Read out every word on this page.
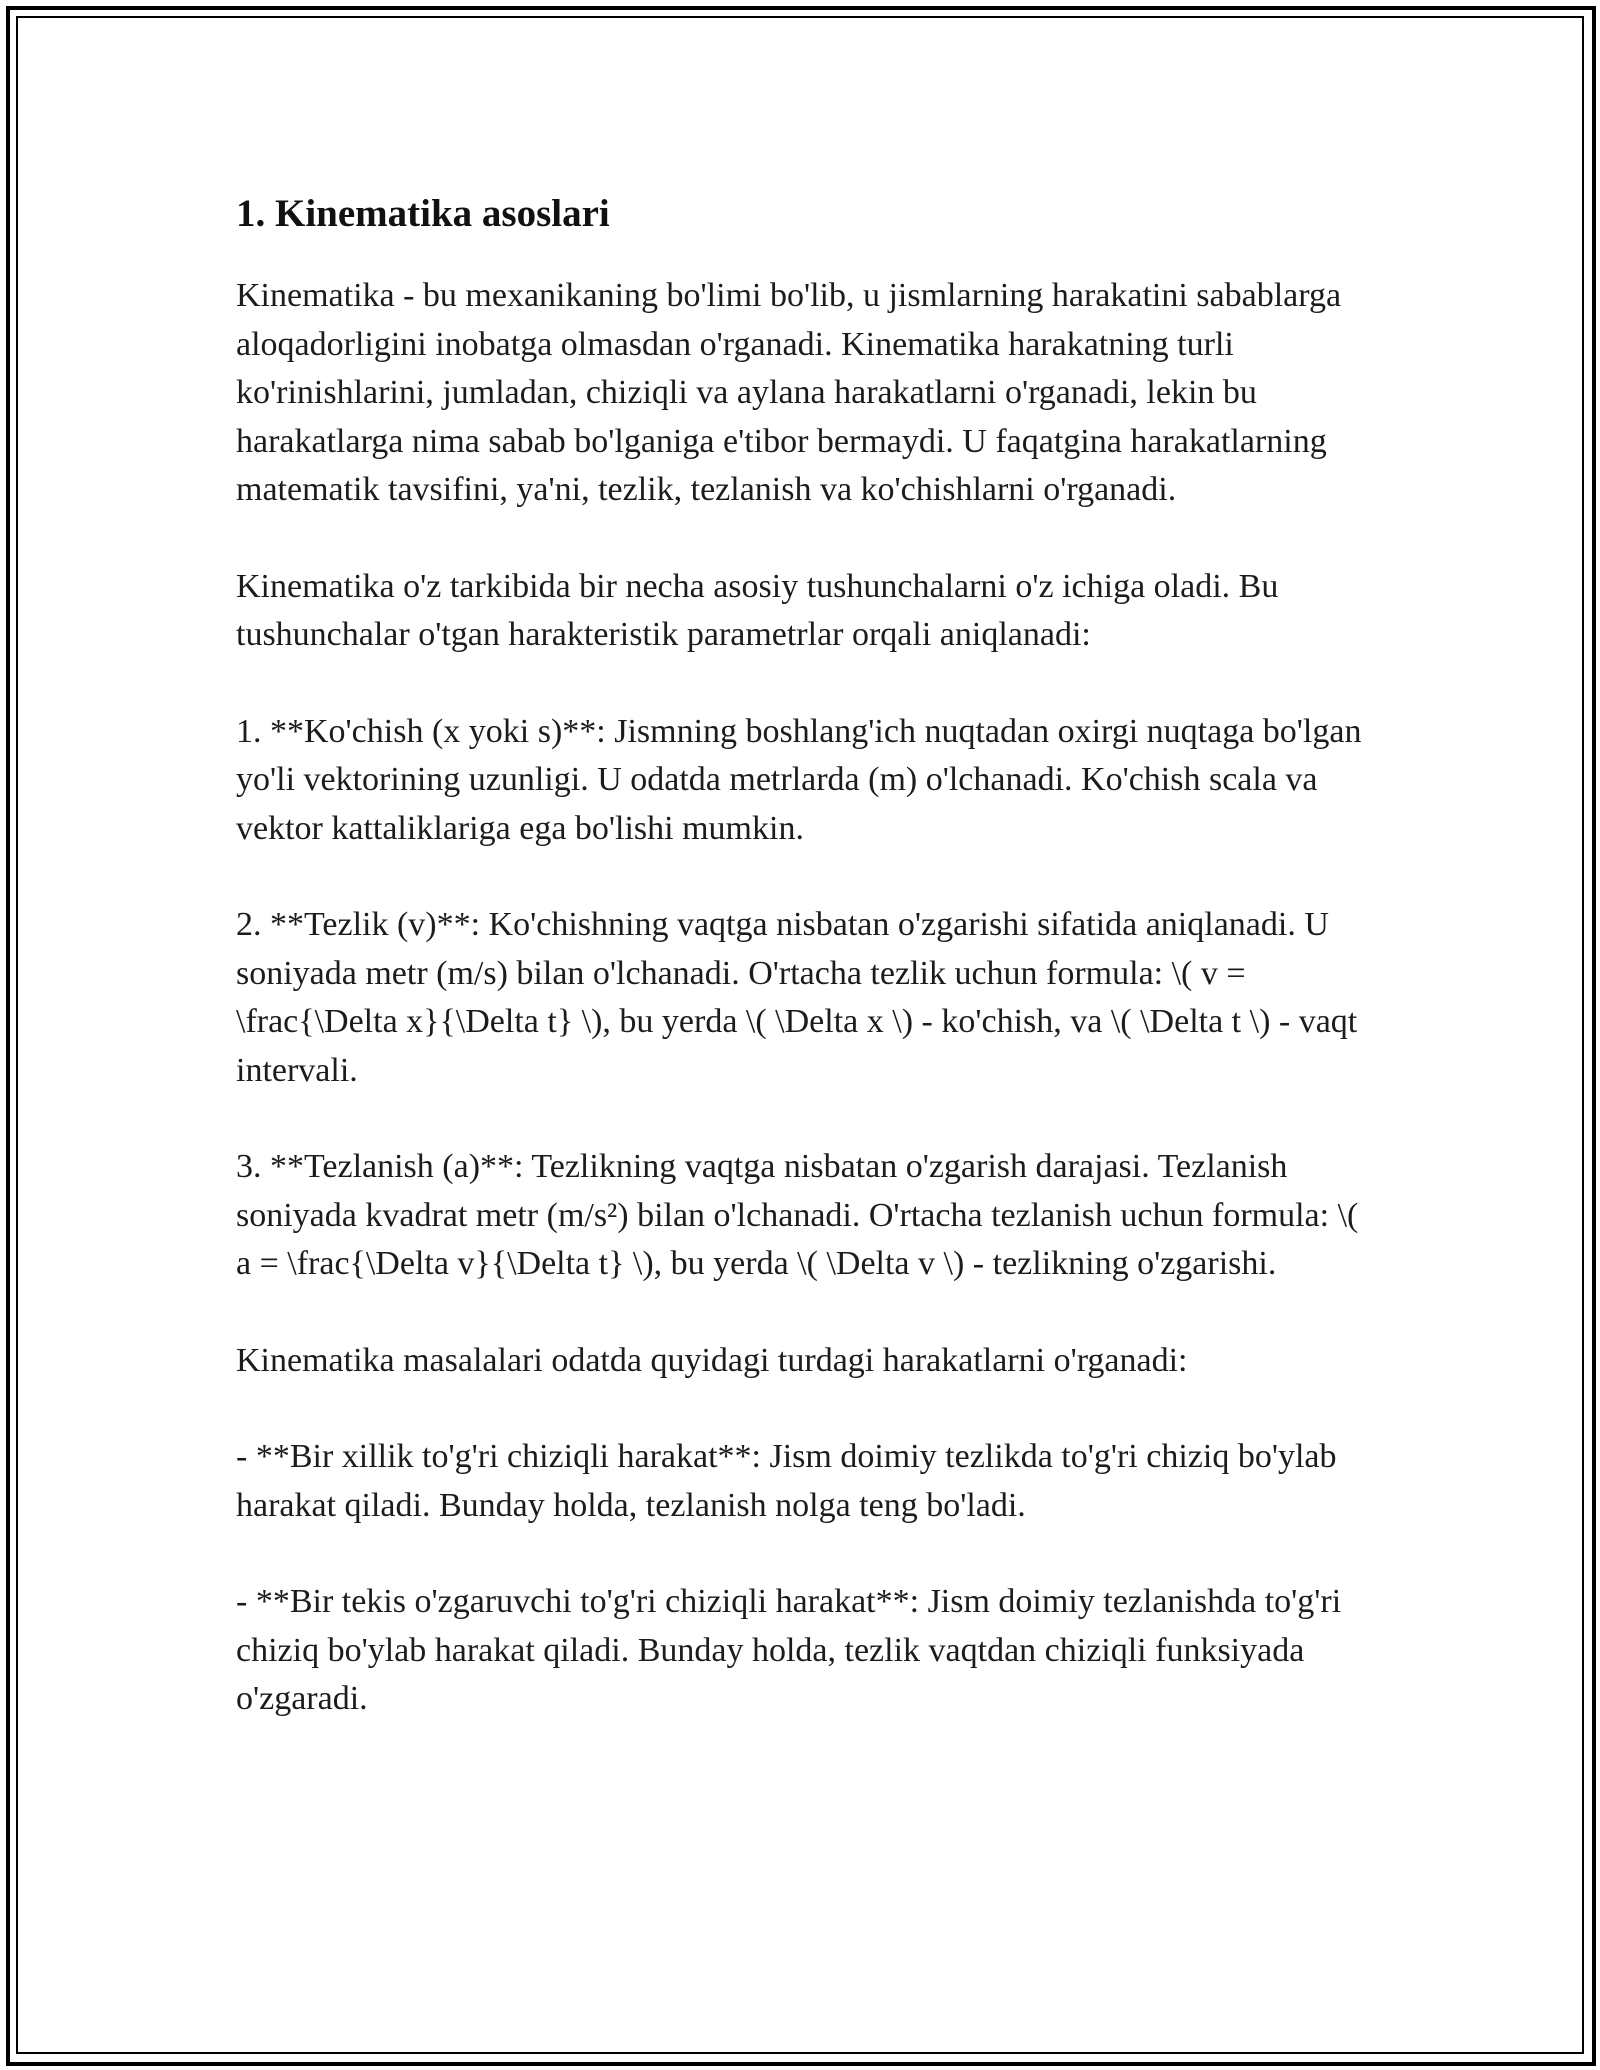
1. Kinematika asoslari

Kinematika - bu mexanikaning bo'limi bo'lib, u jismlarning harakatini sabablarga aloqadorligini inobatga olmasdan o'rganadi. Kinematika harakatning turli ko'rinishlarini, jumladan, chiziqli va aylana harakatlarni o'rganadi, lekin bu harakatlarga nima sabab bo'lganiga e'tibor bermaydi. U faqatgina harakatlarning matematik tavsifini, ya'ni, tezlik, tezlanish va ko'chishlarni o'rganadi.

Kinematika o'z tarkibida bir necha asosiy tushunchalarni o'z ichiga oladi. Bu tushunchalar o'tgan harakteristik parametrlar orqali aniqlanadi:

1. **Ko'chish (x yoki s)**: Jismning boshlang'ich nuqtadan oxirgi nuqtaga bo'lgan yo'li vektorining uzunligi. U odatda metrlarda (m) o'lchanadi. Ko'chish scala va vektor kattaliklariga ega bo'lishi mumkin.

2. **Tezlik (v)**: Ko'chishning vaqtga nisbatan o'zgarishi sifatida aniqlanadi. U soniyada metr (m/s) bilan o'lchanadi. O'rtacha tezlik uchun formula: \( v = \frac{\Delta x}{\Delta t} \), bu yerda \( \Delta x \) - ko'chish, va \( \Delta t \) - vaqt intervali.

3. **Tezlanish (a)**: Tezlikning vaqtga nisbatan o'zgarish darajasi. Tezlanish soniyada kvadrat metr (m/s²) bilan o'lchanadi. O'rtacha tezlanish uchun formula: \( a = \frac{\Delta v}{\Delta t} \), bu yerda \( \Delta v \) - tezlikning o'zgarishi.

Kinematika masalalari odatda quyidagi turdagi harakatlarni o'rganadi:

- **Bir xillik to'g'ri chiziqli harakat**: Jism doimiy tezlikda to'g'ri chiziq bo'ylab harakat qiladi. Bunday holda, tezlanish nolga teng bo'ladi.

- **Bir tekis o'zgaruvchi to'g'ri chiziqli harakat**: Jism doimiy tezlanishda to'g'ri chiziq bo'ylab harakat qiladi. Bunday holda, tezlik vaqtdan chiziqli funksiyada o'zgaradi.
